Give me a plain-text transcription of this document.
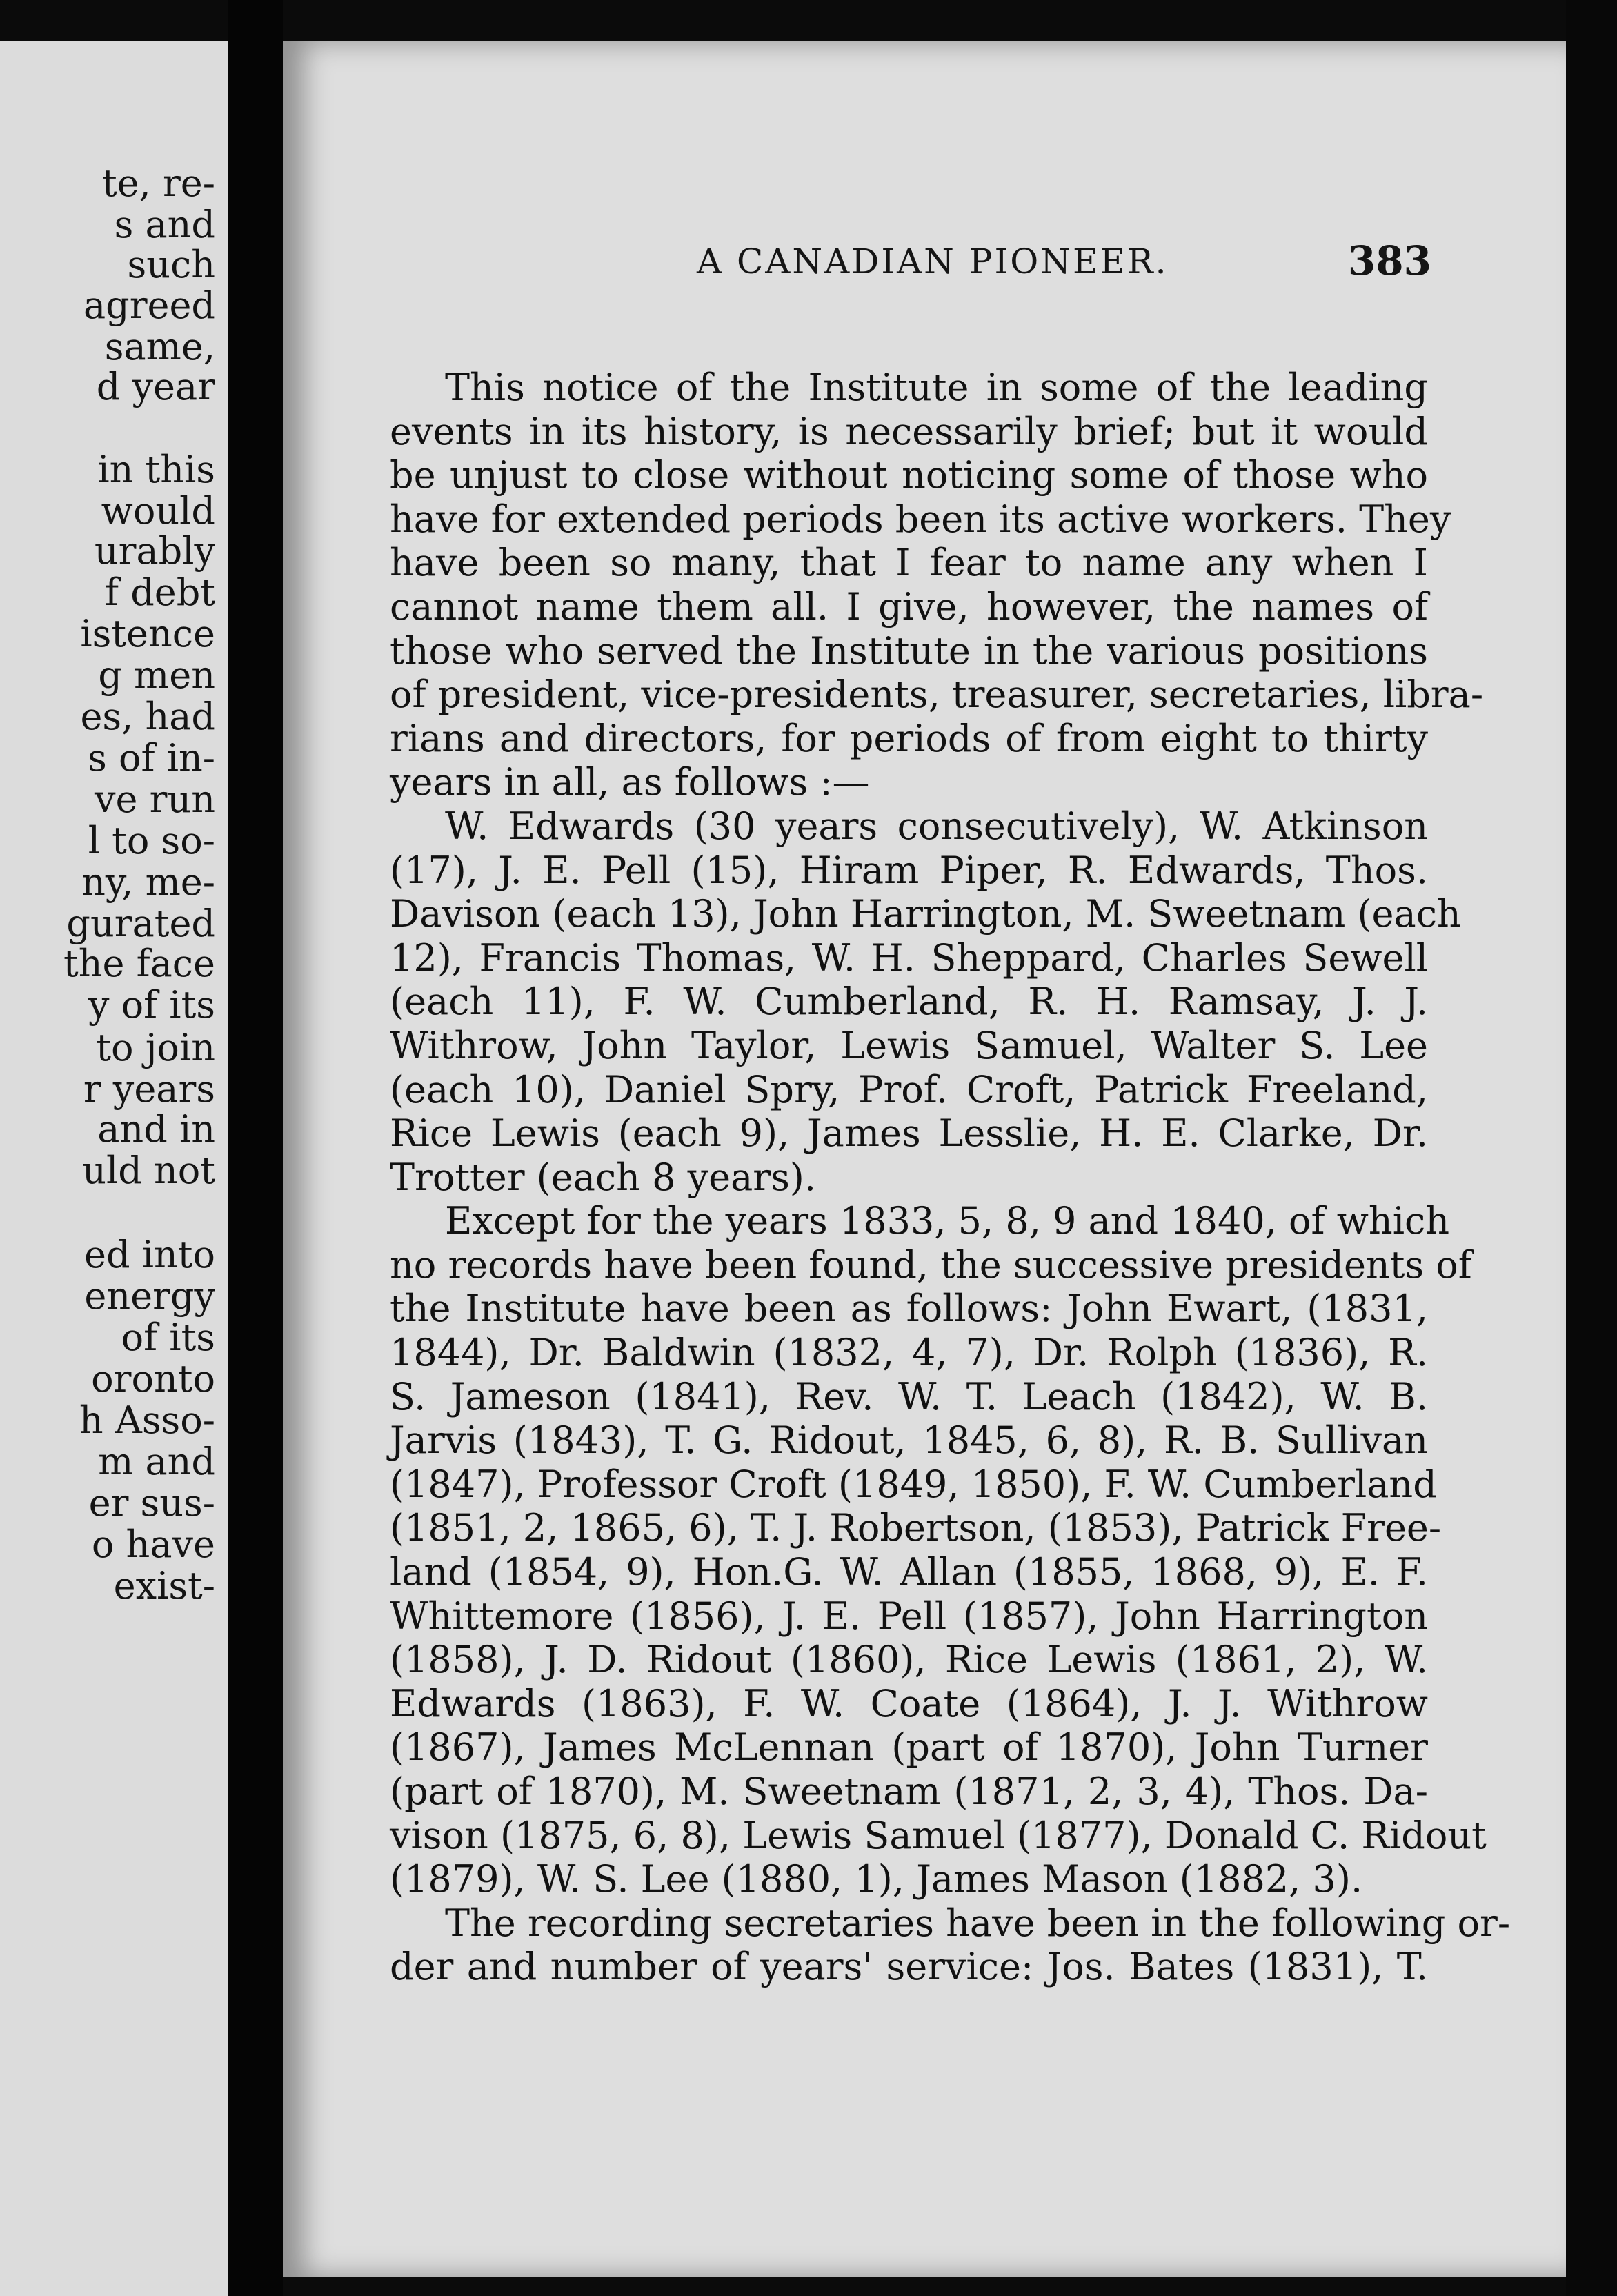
te, re-
s and
such
agreed
same,
d year
in this
would
urably
f debt
istence
g men
es, had
s of in-
ve run
l to so-
ny, me-
gurated
the face
y of its
to join
r years
and in
uld not
ed into
energy
of its
oronto
h Asso-
m and
er sus-
o have
exist-
A CANADIAN PIONEER.	383
This notice of the Institute in some of the leading
events in its history, is necessarily brief; but it would
be unjust to close without noticing some of those who
have for extended periods been its active workers. They
have been so many, that I fear to name any when I
cannot name them all. I give, however, the names of
those who served the Institute in the various positions
of president, vice-presidents, treasurer, secretaries, libra-
rians and directors, for periods of from eight to thirty
years in all, as follows :—
W. Edwards (30 years consecutively), W. Atkinson
(17), J. E. Pell (15), Hiram Piper, R. Edwards, Thos.
Davison (each 13), John Harrington, M. Sweetnam (each
12), Francis Thomas, W. H. Sheppard, Charles Sewell
(each 11), F. W. Cumberland, R. H. Ramsay, J. J.
Withrow, John Taylor, Lewis Samuel, Walter S. Lee
(each 10), Daniel Spry, Prof. Croft, Patrick Freeland,
Rice Lewis (each 9), James Lesslie, H. E. Clarke, Dr.
Trotter (each 8 years).
Except for the years 1833, 5, 8, 9 and 1840, of which
no records have been found, the successive presidents of
the Institute have been as follows: John Ewart, (1831,
1844), Dr. Baldwin (1832, 4, 7), Dr. Rolph (1836), R.
S. Jameson (1841), Rev. W. T. Leach (1842), W. B.
Jarvis (1843), T. G. Ridout, 1845, 6, 8), R. B. Sullivan
(1847), Professor Croft (1849, 1850), F. W. Cumberland
(1851, 2, 1865, 6), T. J. Robertson, (1853), Patrick Free-
land (1854, 9), Hon.G. W. Allan (1855, 1868, 9), E. F.
Whittemore (1856), J. E. Pell (1857), John Harrington
(1858), J. D. Ridout (1860), Rice Lewis (1861, 2), W.
Edwards (1863), F. W. Coate (1864), J. J. Withrow
(1867), James McLennan (part of 1870), John Turner
(part of 1870), M. Sweetnam (1871, 2, 3, 4), Thos. Da-
vison (1875, 6, 8), Lewis Samuel (1877), Donald C. Ridout
(1879), W. S. Lee (1880, 1), James Mason (1882, 3).
The recording secretaries have been in the following or-
der and number of years' service: Jos. Bates (1831), T.
